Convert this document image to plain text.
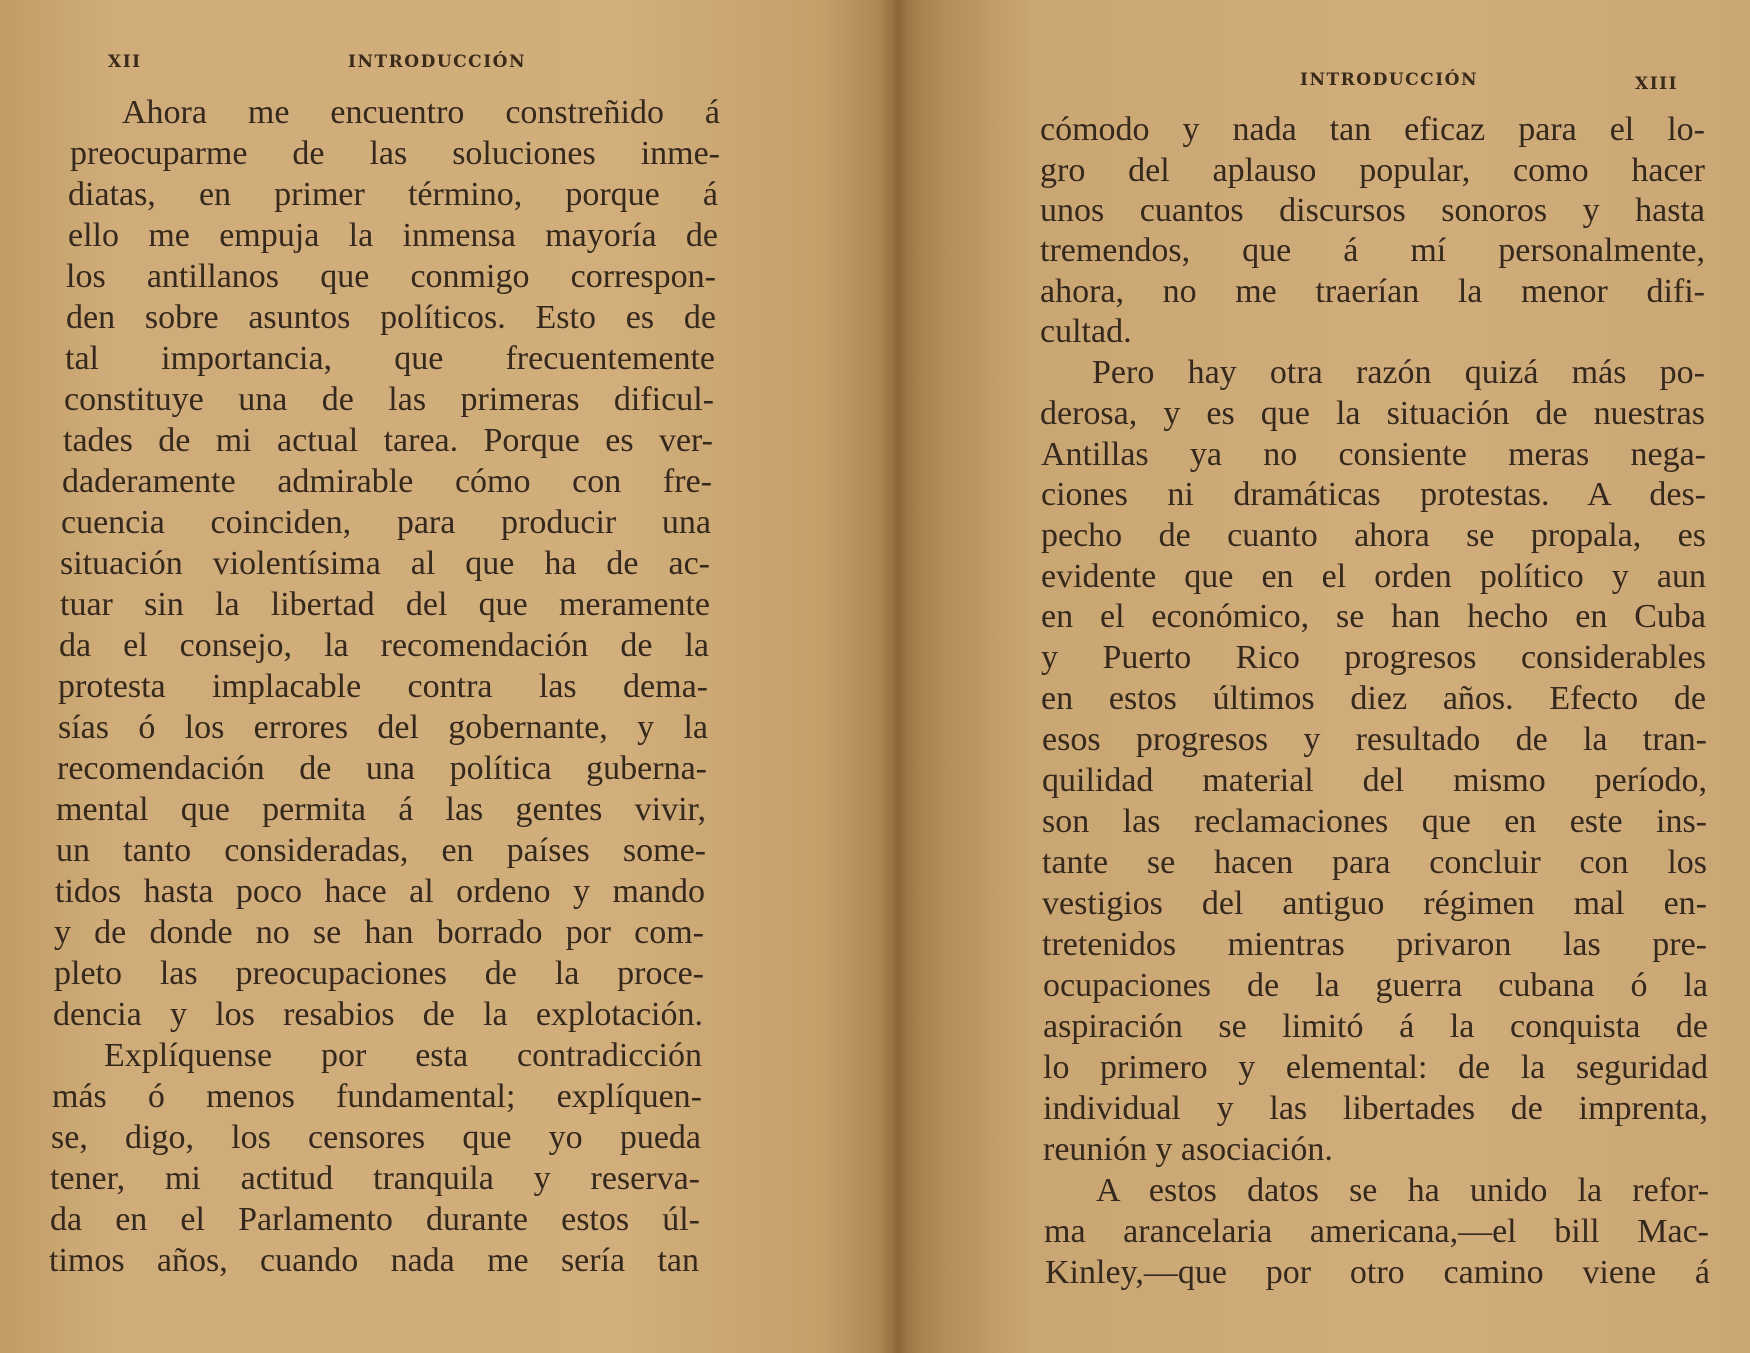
XII	INTRODUCCIÓN
Ahora me encuentro constreñido á
preocuparme de las soluciones inme-
diatas, en primer término, porque á
ello me empuja la inmensa mayoría de
los antillanos que conmigo correspon-
den sobre asuntos políticos. Esto es de
tal importancia, que frecuentemente
constituye una de las primeras dificul-
tades de mi actual tarea. Porque es ver-
daderamente admirable cómo con fre-
cuencia coinciden, para producir una
situación violentísima al que ha de ac-
tuar sin la libertad del que meramente
da el consejo, la recomendación de la
protesta implacable contra las dema-
sías ó los errores del gobernante, y la
recomendación de una política guberna-
mental que permita á las gentes vivir,
un tanto consideradas, en países some-
tidos hasta poco hace al ordeno y mando
y de donde no se han borrado por com-
pleto las preocupaciones de la proce-
dencia y los resabios de la explotación.
Explíquense por esta contradicción
más ó menos fundamental; explíquen-
se, digo, los censores que yo pueda
tener, mi actitud tranquila y reserva-
da en el Parlamento durante estos úl-
timos años, cuando nada me sería tan
INTRODUCCIÓN	XIII
cómodo y nada tan eficaz para el lo-
gro del aplauso popular, como hacer
unos cuantos discursos sonoros y hasta
tremendos, que á mí personalmente,
ahora, no me traerían la menor difi-
cultad.
Pero hay otra razón quizá más po-
derosa, y es que la situación de nuestras
Antillas ya no consiente meras nega-
ciones ni dramáticas protestas. A des-
pecho de cuanto ahora se propala, es
evidente que en el orden político y aun
en el económico, se han hecho en Cuba
y Puerto Rico progresos considerables
en estos últimos diez años. Efecto de
esos progresos y resultado de la tran-
quilidad material del mismo período,
son las reclamaciones que en este ins-
tante se hacen para concluir con los
vestigios del antiguo régimen mal en-
tretenidos mientras privaron las pre-
ocupaciones de la guerra cubana ó la
aspiración se limitó á la conquista de
lo primero y elemental: de la seguridad
individual y las libertades de imprenta,
reunión y asociación.
A estos datos se ha unido la refor-
ma arancelaria americana,—el bill Mac-
Kinley,—que por otro camino viene á
